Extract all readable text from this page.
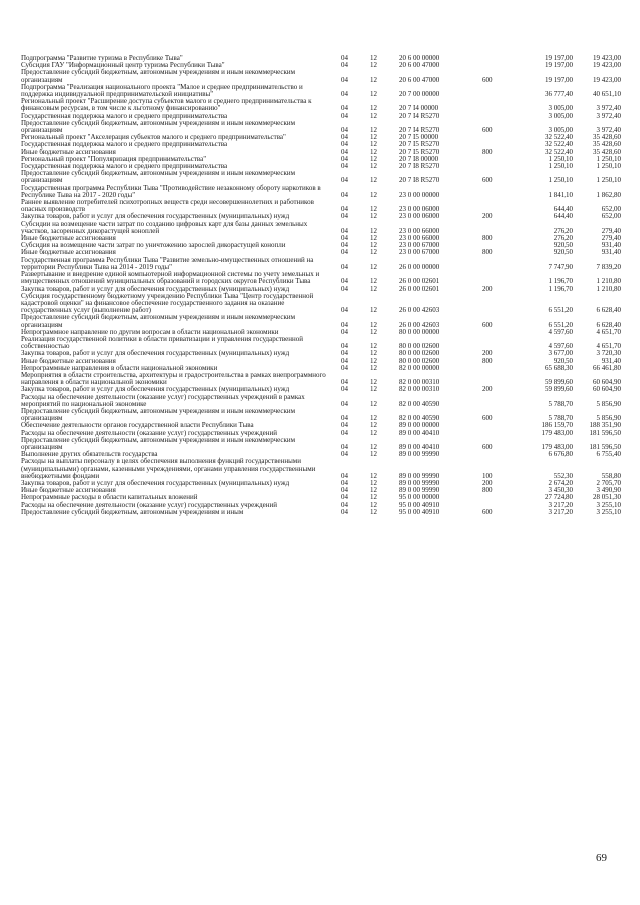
Подпрограмма "Развитие туризма в Республике Тыва"	04	12	20 6 00 00000	19 197,00	19 423,00
Субсидия ГАУ "Информационный центр туризма Республики Тыва"	04	12	20 6 00 47000	19 197,00	19 423,00
Предоставление субсидий бюджетным, автономным учреждениям и иным некоммерческим организациям	04	12	20 6 00 47000	600	19 197,00	19 423,00
Подпрограмма "Реализация национального проекта "Малое и среднее предпринимательство и поддержка индивидуальной предпринимательской инициативы"	04	12	20 7 00 00000	36 777,40	40 651,10
Региональный проект "Расширение доступа субъектов малого и среднего предпринимательства к финансовым ресурсам, в том числе к льготному финансированию"	04	12	20 7 I4 00000	3 005,00	3 972,40
Государственная поддержка малого и среднего предпринимательства	04	12	20 7 I4 R5270	3 005,00	3 972,40
Предоставление субсидий бюджетным, автономным учреждениям и иным некоммерческим организациям	04	12	20 7 I4 R5270	600	3 005,00	3 972,40
Региональный проект "Акселерация субъектов малого и среднего предпринимательства"	04	12	20 7 I5 00000	32 522,40	35 428,60
Государственная поддержка малого и среднего предпринимательства	04	12	20 7 I5 R5270	32 522,40	35 428,60
Иные бюджетные ассигнования	04	12	20 7 I5 R5270	800	32 522,40	35 428,60
Региональный проект "Популяризация предпринимательства"	04	12	20 7 I8 00000	1 250,10	1 250,10
Государственная поддержка малого и среднего предпринимательства	04	12	20 7 I8 R5270	1 250,10	1 250,10
Предоставление субсидий бюджетным, автономным учреждениям и иным некоммерческим организациям	04	12	20 7 I8 R5270	600	1 250,10	1 250,10
Государственная программа Республики Тыва "Противодействие незаконному обороту наркотиков в Республике Тыва на 2017 - 2020 годы"	04	12	23 0 00 00000	1 841,10	1 862,80
Раннее выявление потребителей психотропных веществ среди несовершеннолетних и работников опасных производств	04	12	23 0 00 06000	644,40	652,00
Закупка товаров, работ и услуг для обеспечения государственных (муниципальных) нужд	04	12	23 0 00 06000	200	644,40	652,00
Субсидии на возмещение части затрат по созданию цифровых карт для базы данных земельных участков, засоренных дикорастущей коноплей	04	12	23 0 00 66000	276,20	279,40
Иные бюджетные ассигнования	04	12	23 0 00 66000	800	276,20	279,40
Субсидия на возмещение части затрат по уничтожению зарослей дикорастущей конопли	04	12	23 0 00 67000	920,50	931,40
Иные бюджетные ассигнования	04	12	23 0 00 67000	800	920,50	931,40
Государственная программа Республики Тыва "Развитие земельно-имущественных отношений на территории Республики Тыва на 2014 - 2019 годы"	04	12	26 0 00 00000	7 747,90	7 839,20
Развертывание и внедрение единой компьютерной информационной системы по учету земельных и имущественных отношений муниципальных образований и городских округов Республики Тыва	04	12	26 0 00 02601	1 196,70	1 210,80
Закупка товаров, работ и услуг для обеспечения государственных (муниципальных) нужд	04	12	26 0 00 02601	200	1 196,70	1 210,80
Субсидия государственному бюджетному учреждению Республики Тыва "Центр государственной кадастровой оценки" на финансовое обеспечение государственного задания на оказание государственных услуг (выполнение работ)	04	12	26 0 00 42603	6 551,20	6 628,40
Предоставление субсидий бюджетным, автономным учреждениям и иным некоммерческим организациям	04	12	26 0 00 42603	600	6 551,20	6 628,40
Непрограммное направление по другим вопросам в области национальной экономики	04	12	80 0 00 00000	4 597,60	4 651,70
Реализация государственной политики в области приватизации и управления государственной собственностью	04	12	80 0 00 02600	4 597,60	4 651,70
Закупка товаров, работ и услуг для обеспечения государственных (муниципальных) нужд	04	12	80 0 00 02600	200	3 677,00	3 720,30
Иные бюджетные ассигнования	04	12	80 0 00 02600	800	920,50	931,40
Непрограммные направления в области национальной экономики	04	12	82 0 00 00000	65 688,30	66 461,80
Мероприятия в области строительства, архитектуры и градостроительства в рамках внепрограммного направления в области национальной экономики	04	12	82 0 00 00310	59 899,60	60 604,90
Закупка товаров, работ и услуг для обеспечения государственных (муниципальных) нужд	04	12	82 0 00 00310	200	59 899,60	60 604,90
Расходы на обеспечение деятельности (оказание услуг) государственных учреждений в рамках мероприятий по национальной экономике	04	12	82 0 00 40590	5 788,70	5 856,90
Предоставление субсидий бюджетным, автономным учреждениям и иным некоммерческим организациям	04	12	82 0 00 40590	600	5 788,70	5 856,90
Обеспечение деятельности органов государственной власти Республики Тыва	04	12	89 0 00 00000	186 159,70	188 351,90
Расходы на обеспечение деятельности (оказание услуг) государственных учреждений	04	12	89 0 00 40410	179 483,00	181 596,50
Предоставление субсидий бюджетным, автономным учреждениям и иным некоммерческим организациям	04	12	89 0 00 40410	600	179 483,00	181 596,50
Выполнение других обязательств государства	04	12	89 0 00 99990	6 676,80	6 755,40
Расходы на выплаты персоналу в целях обеспечения выполнения функций государственными (муниципальными) органами, казенными учреждениями, органами управления государственными внебюджетными фондами	04	12	89 0 00 99990	100	552,30	558,80
Закупка товаров, работ и услуг для обеспечения государственных (муниципальных) нужд	04	12	89 0 00 99990	200	2 674,20	2 705,70
Иные бюджетные ассигнования	04	12	89 0 00 99990	800	3 450,30	3 490,90
Непрограммные расходы в области капитальных вложений	04	12	95 0 00 00000	27 724,80	28 051,30
Расходы на обеспечение деятельности (оказание услуг) государственных учреждений	04	12	95 0 00 40910	3 217,20	3 255,10
Предоставление субсидий бюджетным, автономным учреждениям и иным	04	12	95 0 00 40910	600	3 217,20	3 255,10
69
